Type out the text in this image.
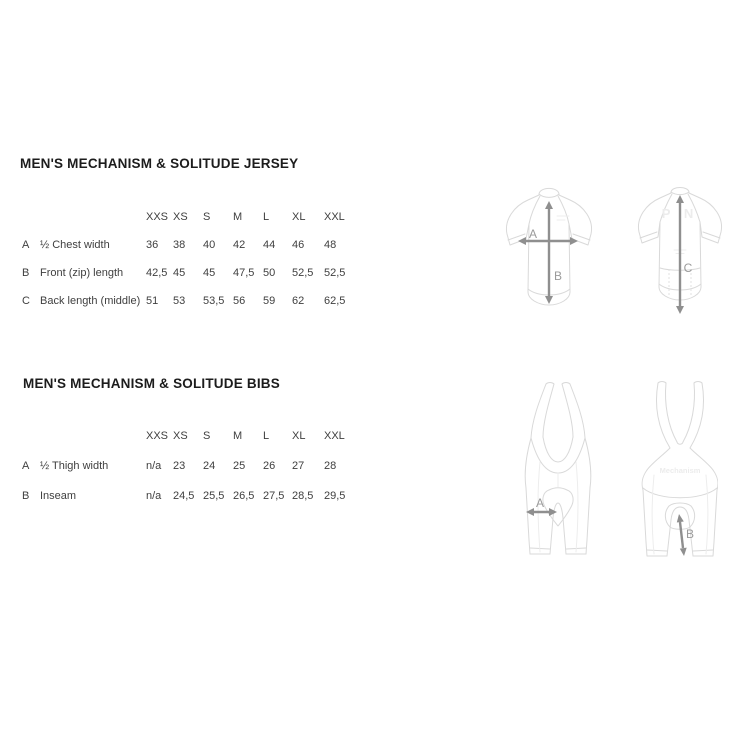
MEN'S MECHANISM & SOLITUDE JERSEY
XXS XS	S	M	L	XL	XXL
A ½ Chest width	36	38	40	42	44	46	48
B Front (zip) length	42,5 45	45	47,5 50	52,5 52,5
C Back length (middle) 51	53	53,5 56	59	62	62,5
A
B
P N
C
MEN'S MECHANISM & SOLITUDE BIBS
XXS XS	S	M	L	XL	XXL
A ½ Thigh width	n/a	23	24	25	26	27	28
B Inseam	n/a	24,5 25,5 26,5 27,5 28,5 29,5	A
Mechanism
B
